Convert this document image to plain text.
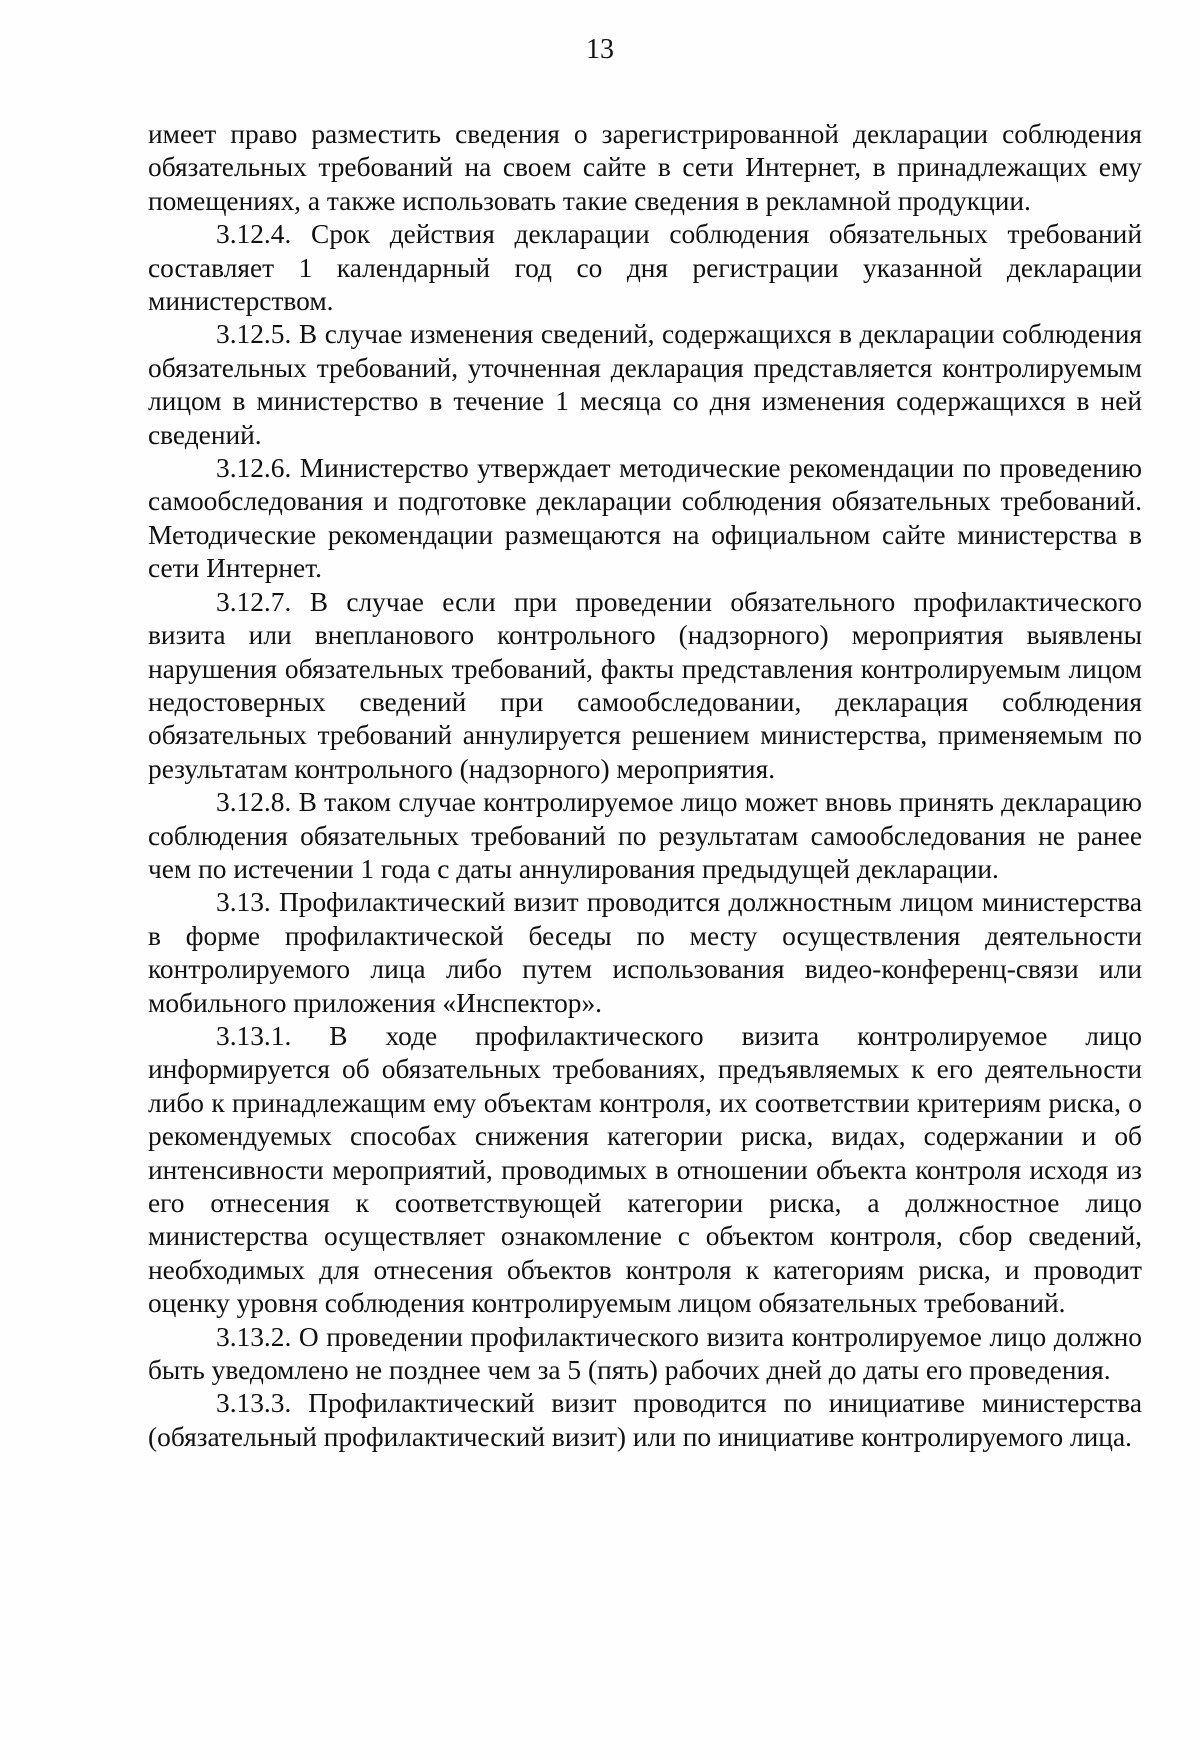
13

имеет право разместить сведения о зарегистрированной декларации соблюдения обязательных требований на своем сайте в сети Интернет, в принадлежащих ему помещениях, а также использовать такие сведения в рекламной продукции.

3.12.4. Срок действия декларации соблюдения обязательных требований составляет 1 календарный год со дня регистрации указанной декларации министерством.

3.12.5. В случае изменения сведений, содержащихся в декларации соблюдения обязательных требований, уточненная декларация представляется контролируемым лицом в министерство в течение 1 месяца со дня изменения содержащихся в ней сведений.

3.12.6. Министерство утверждает методические рекомендации по проведению самообследования и подготовке декларации соблюдения обязательных требований. Методические рекомендации размещаются на официальном сайте министерства в сети Интернет.

3.12.7. В случае если при проведении обязательного профилактического визита или внепланового контрольного (надзорного) мероприятия выявлены нарушения обязательных требований, факты представления контролируемым лицом недостоверных сведений при самообследовании, декларация соблюдения обязательных требований аннулируется решением министерства, применяемым по результатам контрольного (надзорного) мероприятия.

3.12.8. В таком случае контролируемое лицо может вновь принять декларацию соблюдения обязательных требований по результатам самообследования не ранее чем по истечении 1 года с даты аннулирования предыдущей декларации.

3.13. Профилактический визит проводится должностным лицом министерства в форме профилактической беседы по месту осуществления деятельности контролируемого лица либо путем использования видео-конференц-связи или мобильного приложения «Инспектор».

3.13.1. В ходе профилактического визита контролируемое лицо информируется об обязательных требованиях, предъявляемых к его деятельности либо к принадлежащим ему объектам контроля, их соответствии критериям риска, о рекомендуемых способах снижения категории риска, видах, содержании и об интенсивности мероприятий, проводимых в отношении объекта контроля исходя из его отнесения к соответствующей категории риска, а должностное лицо министерства осуществляет ознакомление с объектом контроля, сбор сведений, необходимых для отнесения объектов контроля к категориям риска, и проводит оценку уровня соблюдения контролируемым лицом обязательных требований.

3.13.2. О проведении профилактического визита контролируемое лицо должно быть уведомлено не позднее чем за 5 (пять) рабочих дней до даты его проведения.

3.13.3. Профилактический визит проводится по инициативе министерства (обязательный профилактический визит) или по инициативе контролируемого лица.
